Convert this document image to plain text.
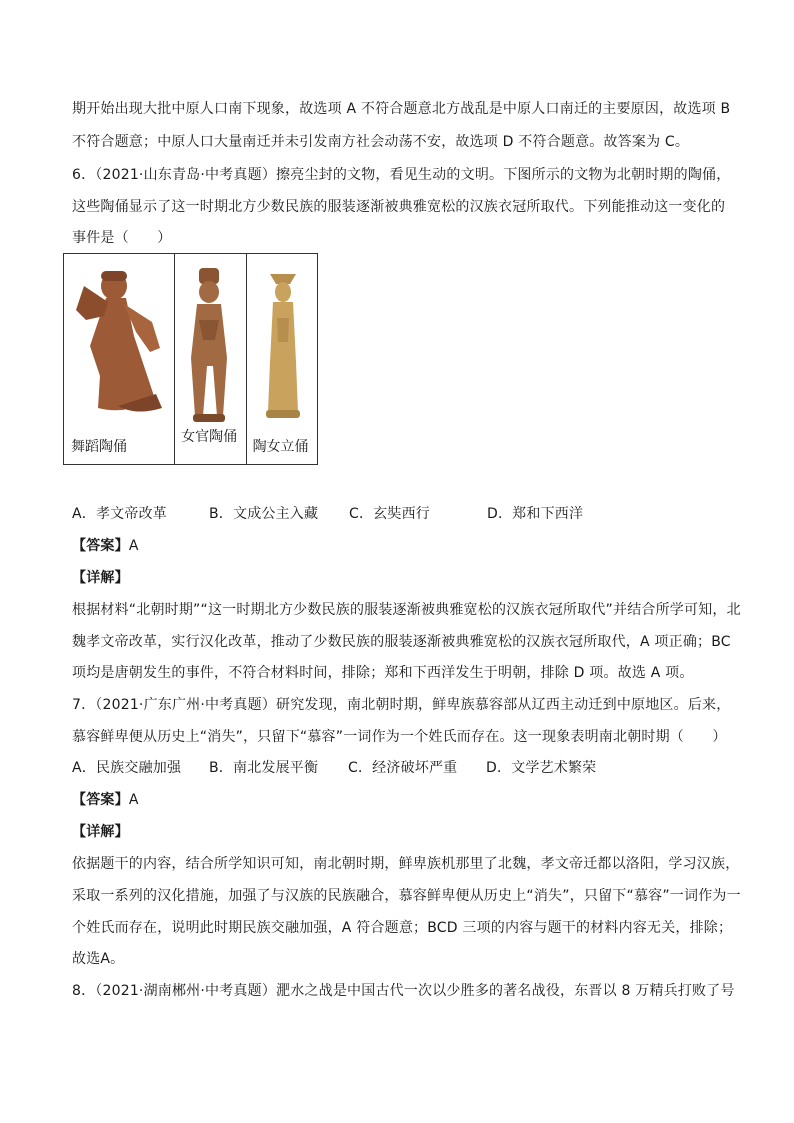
期开始出现大批中原人口南下现象，故选项 A 不符合题意北方战乱是中原人口南迁的主要原因，故选项 B
不符合题意；中原人口大量南迁并未引发南方社会动荡不安，故选项 D 不符合题意。故答案为 C。
6．（2021·山东青岛·中考真题）擦亮尘封的文物，看见生动的文明。下图所示的文物为北朝时期的陶俑，
这些陶俑显示了这一时期北方少数民族的服装逐渐被典雅宽松的汉族衣冠所取代。下列能推动这一变化的
事件是（　　）
舞蹈陶俑
女官陶俑
陶女立俑
A．孝文帝改革	B．文成公主入藏	C．玄奘西行	D．郑和下西洋
【答案】A
【详解】
根据材料“北朝时期”“这一时期北方少数民族的服装逐渐被典雅宽松的汉族衣冠所取代”并结合所学可知，北
魏孝文帝改革，实行汉化改革，推动了少数民族的服装逐渐被典雅宽松的汉族衣冠所取代，A 项正确；BC
项均是唐朝发生的事件，不符合材料时间，排除；郑和下西洋发生于明朝，排除 D 项。故选 A 项。
7．（2021·广东广州·中考真题）研究发现，南北朝时期，鲜卑族慕容部从辽西主动迁到中原地区。后来，
慕容鲜卑便从历史上“消失”，只留下“慕容”一词作为一个姓氏而存在。这一现象表明南北朝时期（　　）
A．民族交融加强	B．南北发展平衡	C．经济破坏严重	D．文学艺术繁荣
【答案】A
【详解】
依据题干的内容，结合所学知识可知，南北朝时期，鲜卑族机那里了北魏，孝文帝迁都以洛阳，学习汉族，
采取一系列的汉化措施，加强了与汉族的民族融合，慕容鲜卑便从历史上“消失”，只留下“慕容”一词作为一
个姓氏而存在，说明此时期民族交融加强，A 符合题意；BCD 三项的内容与题干的材料内容无关，排除；
故选A。
8．（2021·湖南郴州·中考真题）淝水之战是中国古代一次以少胜多的著名战役，东晋以 8 万精兵打败了号
